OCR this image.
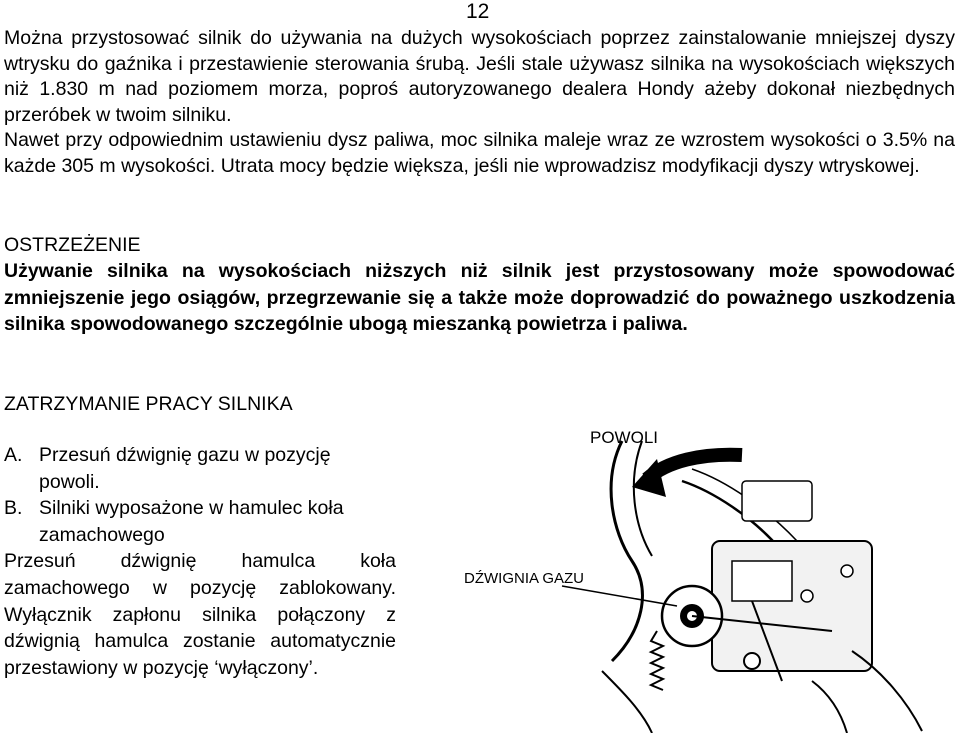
12

Można przystosować silnik do używania na dużych wysokościach poprzez zainstalowanie mniejszej dyszy wtrysku do gaźnika i przestawienie sterowania śrubą. Jeśli stale używasz silnika na wysokościach większych niż 1.830 m nad poziomem morza, poproś autoryzowanego dealera Hondy ażeby dokonał niezbędnych przeróbek w twoim silniku.

Nawet przy odpowiednim ustawieniu dysz paliwa, moc silnika maleje wraz ze wzrostem wysokości o 3.5% na każde 305 m wysokości. Utrata mocy będzie większa, jeśli nie wprowadzisz modyfikacji dyszy wtryskowej.

OSTRZEŻENIE

Używanie silnika na wysokościach niższych niż silnik jest przystosowany może spowodować zmniejszenie jego osiągów, przegrzewanie się a także może doprowadzić do poważnego uszkodzenia silnika spowodowanego szczególnie ubogą mieszanką powietrza i paliwa.

ZATRZYMANIE PRACY SILNIKA
A. Przesuń dźwignię gazu w pozycję powoli.
B. Silniki wyposażone w hamulec koła zamachowego
Przesuń dźwignię hamulca koła zamachowego w pozycję zablokowany. Wyłącznik zapłonu silnika połączony z dźwignią hamulca zostanie automatycznie przestawiony w pozycję ‘wyłączony’.
POWOLI
DŹWIGNIA GAZU
